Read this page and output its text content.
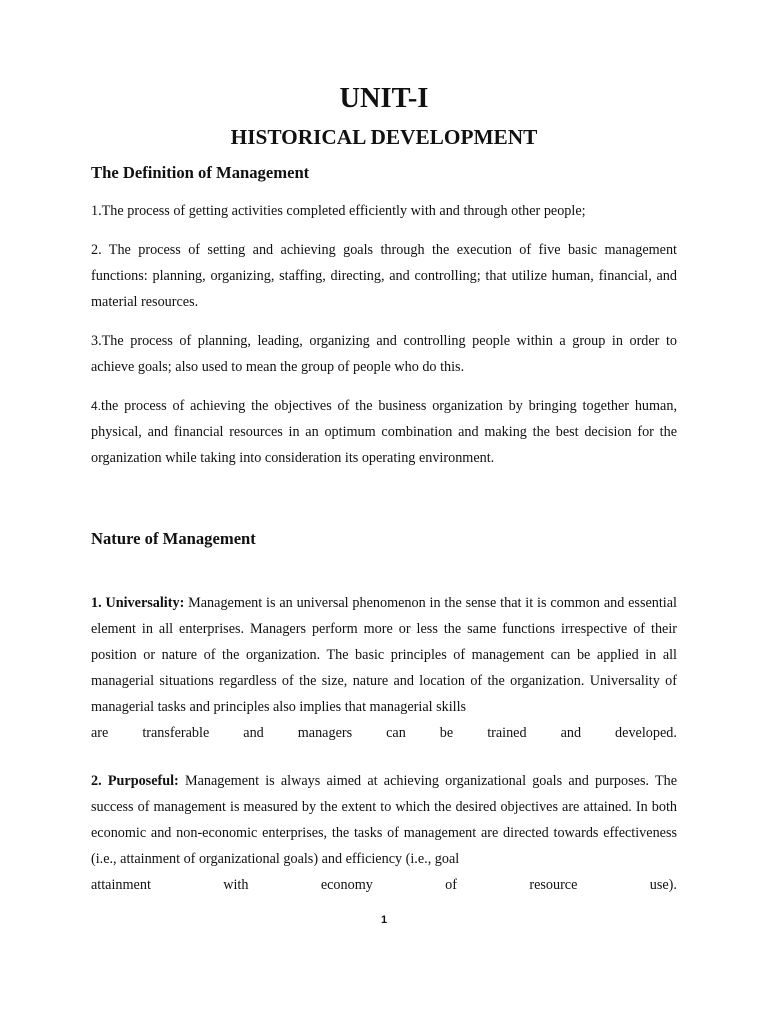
UNIT-I
HISTORICAL DEVELOPMENT
The Definition of Management

1.The process of getting activities completed efficiently with and through other people;

2. The process of setting and achieving goals through the execution of five basic management functions: planning, organizing, staffing, directing, and controlling; that utilize human, financial, and material resources.

3.The process of planning, leading, organizing and controlling people within a group in order to achieve goals; also used to mean the group of people who do this.

4.the process of achieving the objectives of the business organization by bringing together human, physical, and financial resources in an optimum combination and making the best decision for the organization while taking into consideration its operating environment.

Nature of Management

1. Universality: Management is an universal phenomenon in the sense that it is common and essential element in all enterprises. Managers perform more or less the same functions irrespective of their position or nature of the organization. The basic principles of management can be applied in all managerial situations regardless of the size, nature and location of the organization. Universality of managerial tasks and principles also implies that managerial skills

are transferable and managers can be trained and developed.

2. Purposeful: Management is always aimed at achieving organizational goals and purposes. The success of management is measured by the extent to which the desired objectives are attained. In both economic and non-economic enterprises, the tasks of management are directed towards effectiveness (i.e., attainment of organizational goals) and efficiency (i.e., goal

attainment	with	economy	of	resource	use).
1
